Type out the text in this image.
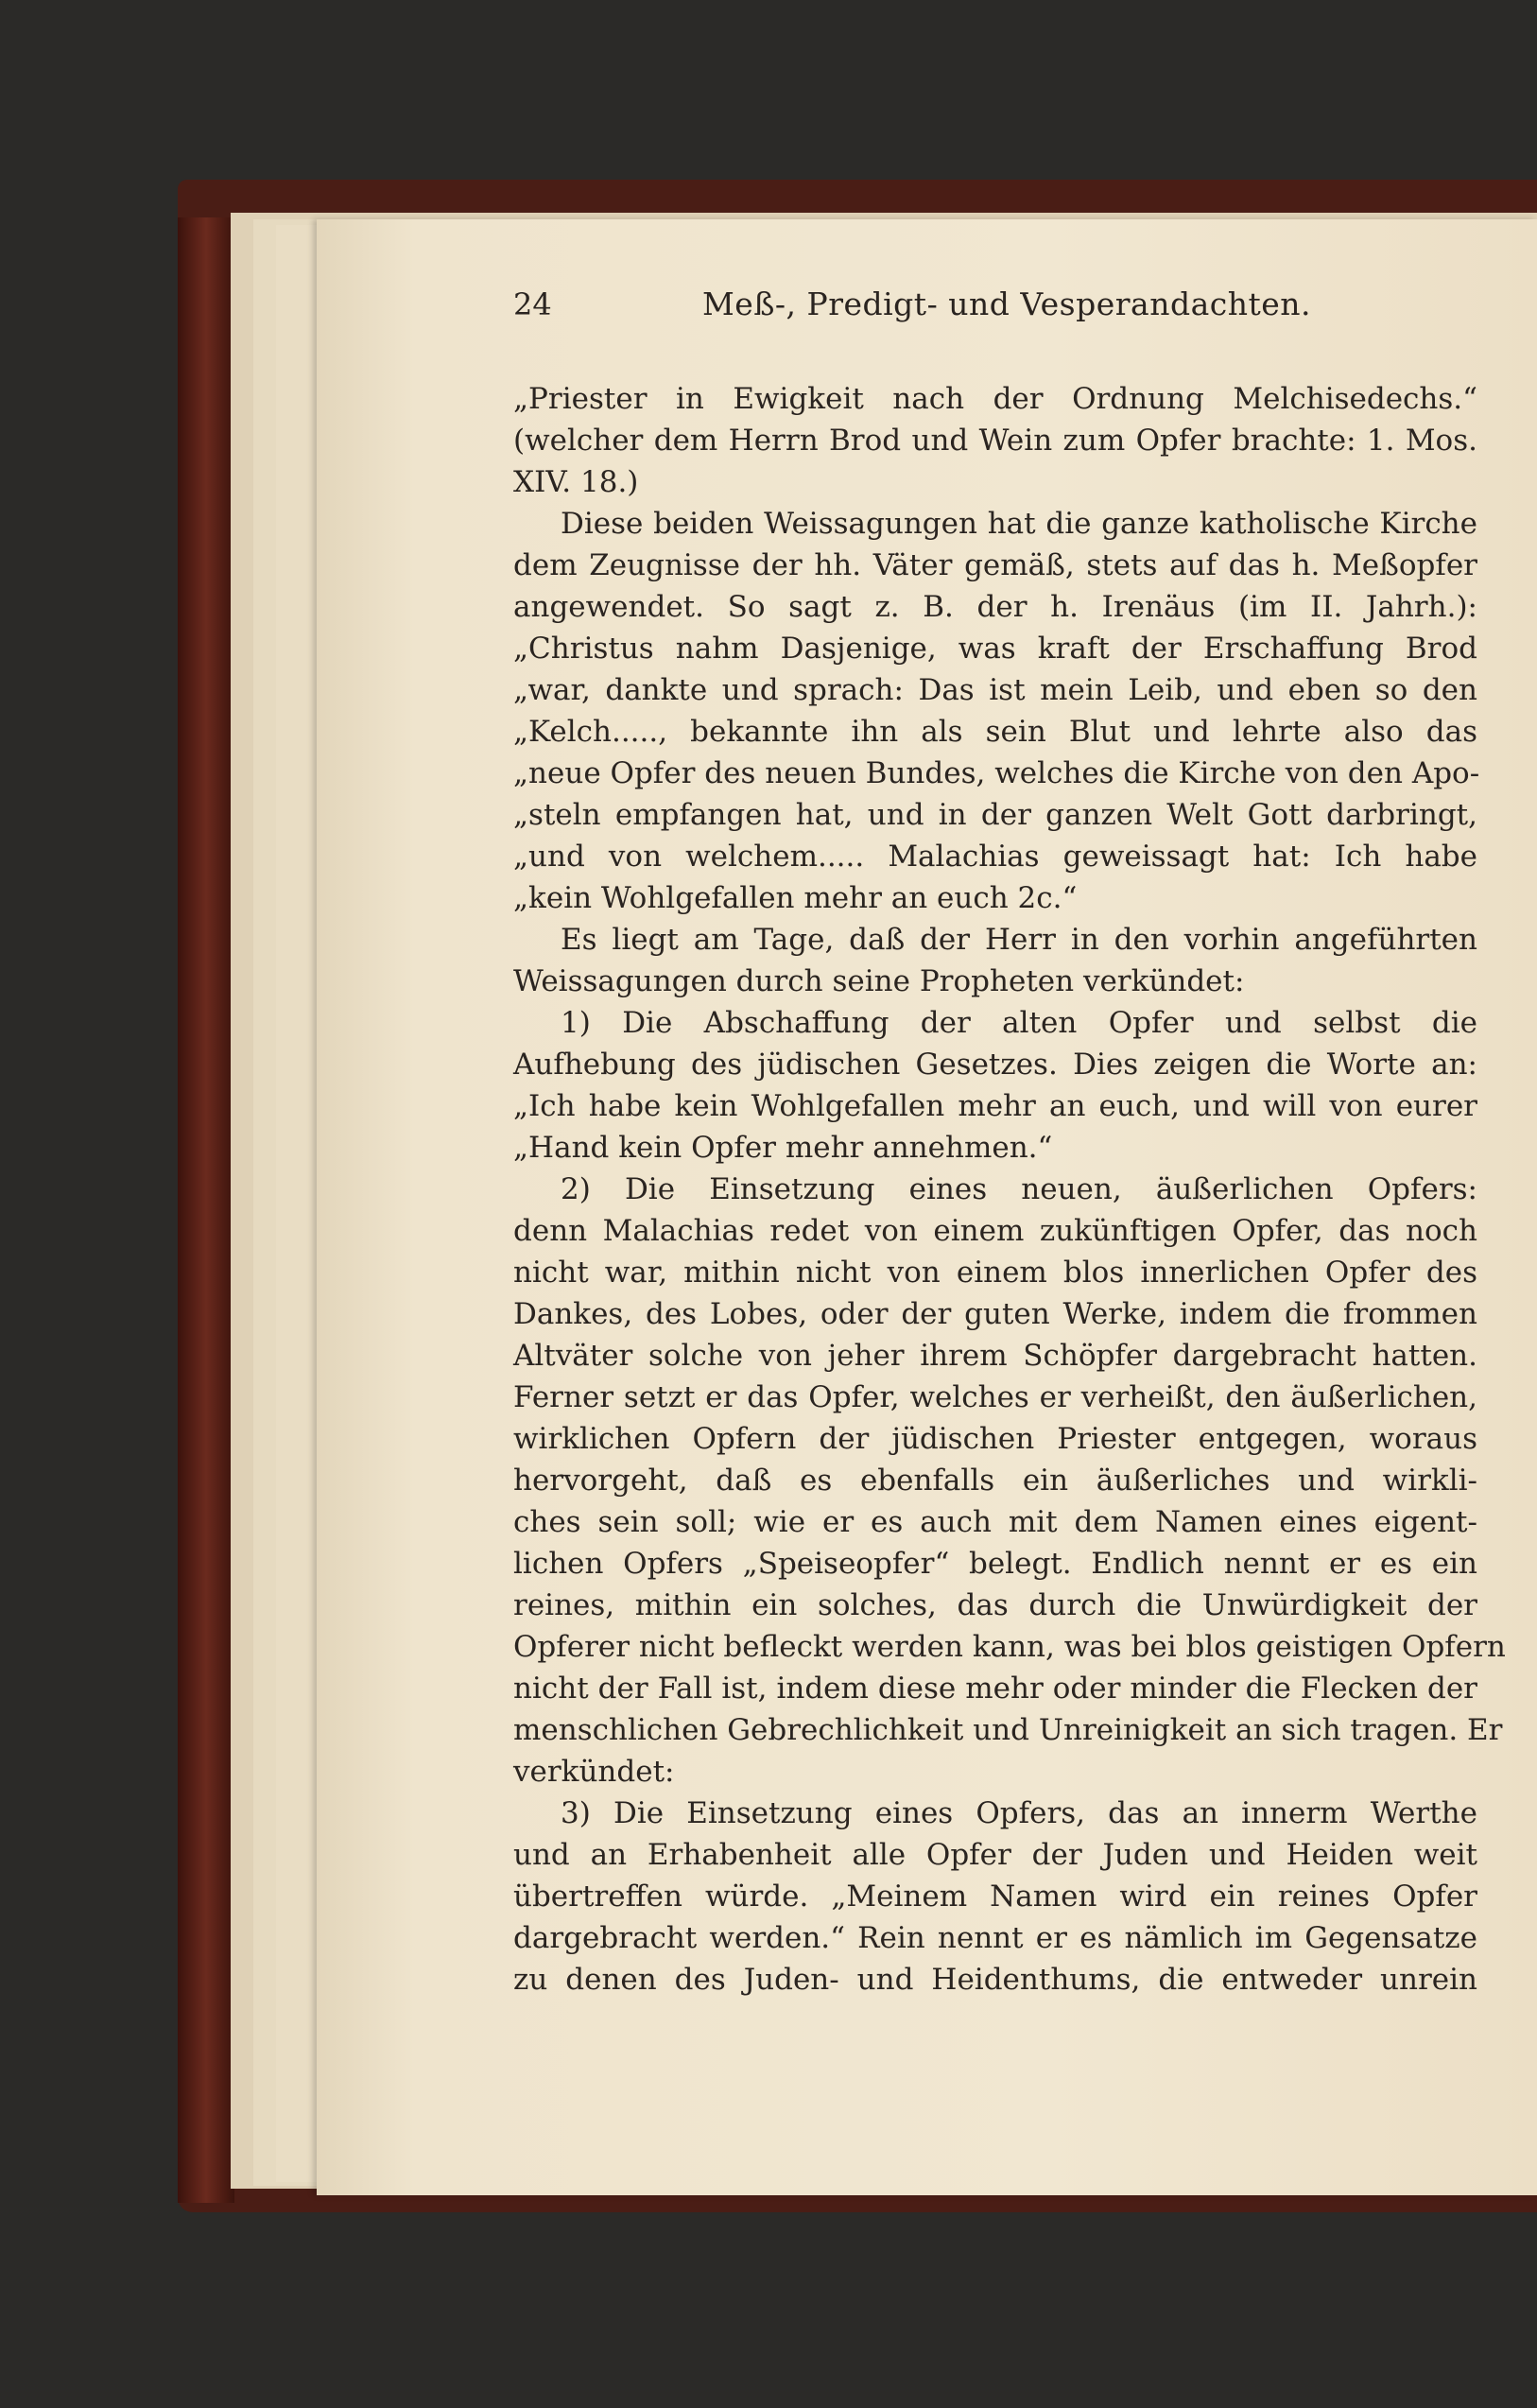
24	Meß-, Predigt- und Vesperandachten.
„Priester in Ewigkeit nach der Ordnung Melchisedechs.“
(welcher dem Herrn Brod und Wein zum Opfer brachte: 1. Mos.
XIV. 18.)
Diese beiden Weissagungen hat die ganze katholische Kirche
dem Zeugnisse der hh. Väter gemäß, stets auf das h. Meßopfer
angewendet. So sagt z. B. der h. Irenäus (im II. Jahrh.):
„Christus nahm Dasjenige, was kraft der Erschaffung Brod
„war, dankte und sprach: Das ist mein Leib, und eben so den
„Kelch....., bekannte ihn als sein Blut und lehrte also das
„neue Opfer des neuen Bundes, welches die Kirche von den Apo-
„steln empfangen hat, und in der ganzen Welt Gott darbringt,
„und von welchem..... Malachias geweissagt hat: Ich habe
„kein Wohlgefallen mehr an euch 2c.“
Es liegt am Tage, daß der Herr in den vorhin angeführten
Weissagungen durch seine Propheten verkündet:
1) Die Abschaffung der alten Opfer und selbst die
Aufhebung des jüdischen Gesetzes. Dies zeigen die Worte an:
„Ich habe kein Wohlgefallen mehr an euch, und will von eurer
„Hand kein Opfer mehr annehmen.“
2) Die Einsetzung eines neuen, äußerlichen Opfers:
denn Malachias redet von einem zukünftigen Opfer, das noch
nicht war, mithin nicht von einem blos innerlichen Opfer des
Dankes, des Lobes, oder der guten Werke, indem die frommen
Altväter solche von jeher ihrem Schöpfer dargebracht hatten.
Ferner setzt er das Opfer, welches er verheißt, den äußerlichen,
wirklichen Opfern der jüdischen Priester entgegen, woraus
hervorgeht, daß es ebenfalls ein äußerliches und wirkli-
ches sein soll; wie er es auch mit dem Namen eines eigent-
lichen Opfers „Speiseopfer“ belegt. Endlich nennt er es ein
reines, mithin ein solches, das durch die Unwürdigkeit der
Opferer nicht befleckt werden kann, was bei blos geistigen Opfern
nicht der Fall ist, indem diese mehr oder minder die Flecken der
menschlichen Gebrechlichkeit und Unreinigkeit an sich tragen. Er
verkündet:
3) Die Einsetzung eines Opfers, das an innerm Werthe
und an Erhabenheit alle Opfer der Juden und Heiden weit
übertreffen würde. „Meinem Namen wird ein reines Opfer
dargebracht werden.“ Rein nennt er es nämlich im Gegensatze
zu denen des Juden- und Heidenthums, die entweder unrein
